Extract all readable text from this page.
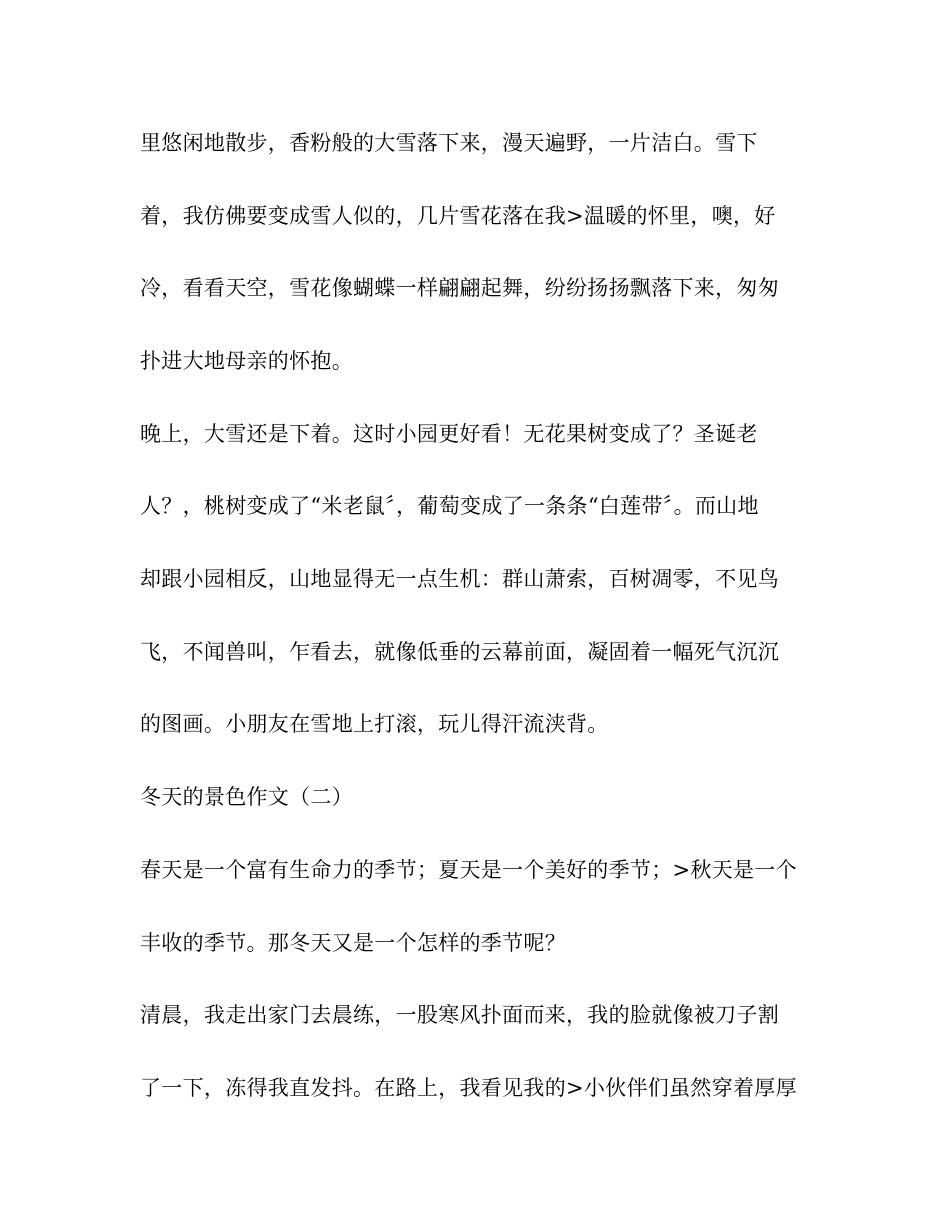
里悠闲地散步，香粉般的大雪落下来，漫天遍野，一片洁白。雪下
着，我仿佛要变成雪人似的，几片雪花落在我>温暖的怀里，噢，好
冷，看看天空，雪花像蝴蝶一样翩翩起舞，纷纷扬扬飘落下来，匆匆
扑进大地母亲的怀抱。
晚上，大雪还是下着。这时小园更好看！无花果树变成了？圣诞老
人？，桃树变成了“米老鼠〞，葡萄变成了一条条“白莲带〞。而山地
却跟小园相反，山地显得无一点生机：群山萧索，百树凋零，不见鸟
飞，不闻兽叫，乍看去，就像低垂的云幕前面，凝固着一幅死气沉沉
的图画。小朋友在雪地上打滚，玩儿得汗流浃背。
冬天的景色作文（二）
春天是一个富有生命力的季节；夏天是一个美好的季节；>秋天是一个
丰收的季节。那冬天又是一个怎样的季节呢？
清晨，我走出家门去晨练，一股寒风扑面而来，我的脸就像被刀子割
了一下，冻得我直发抖。在路上，我看见我的>小伙伴们虽然穿着厚厚
